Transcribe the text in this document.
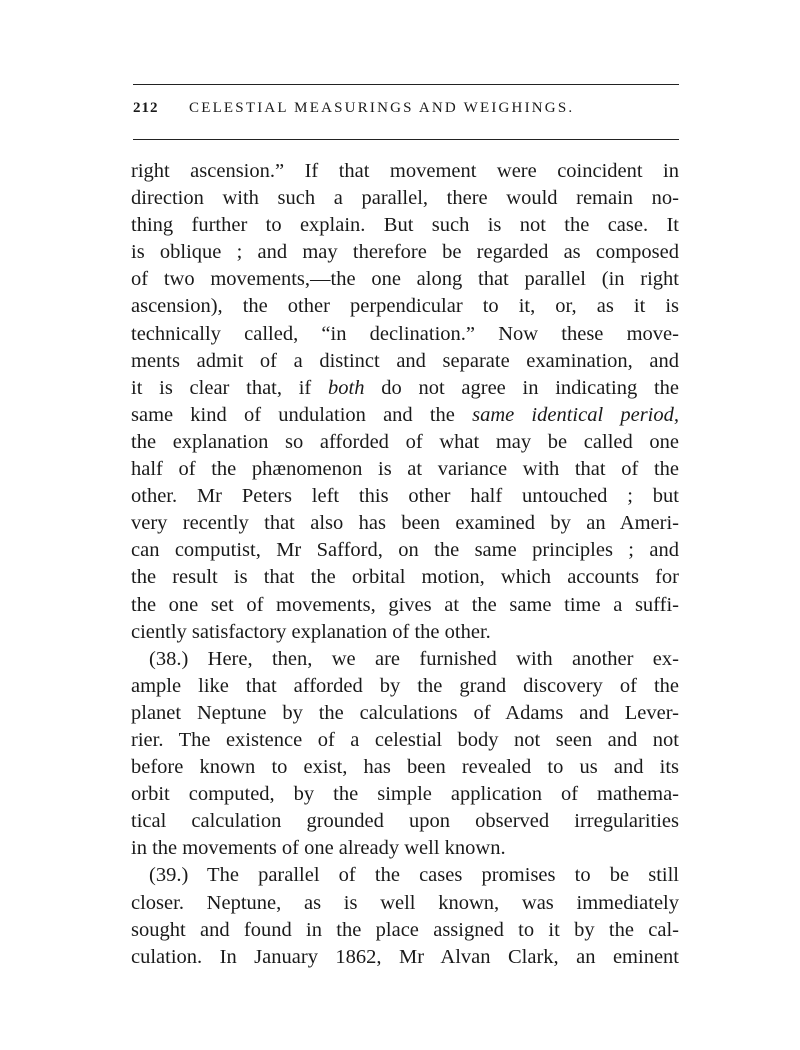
212 CELESTIAL MEASURINGS AND WEIGHINGS.
right ascension.” If that movement were coincident in
direction with such a parallel, there would remain no-
thing further to explain. But such is not the case. It
is oblique ; and may therefore be regarded as composed
of two movements,—the one along that parallel (in right
ascension), the other perpendicular to it, or, as it is
technically called, “in declination.” Now these move-
ments admit of a distinct and separate examination, and
it is clear that, if both do not agree in indicating the
same kind of undulation and the same identical period,
the explanation so afforded of what may be called one
half of the phænomenon is at variance with that of the
other. Mr Peters left this other half untouched ; but
very recently that also has been examined by an Ameri-
can computist, Mr Safford, on the same principles ; and
the result is that the orbital motion, which accounts for
the one set of movements, gives at the same time a suffi-
ciently satisfactory explanation of the other.
(38.) Here, then, we are furnished with another ex-
ample like that afforded by the grand discovery of the
planet Neptune by the calculations of Adams and Lever-
rier. The existence of a celestial body not seen and not
before known to exist, has been revealed to us and its
orbit computed, by the simple application of mathema-
tical calculation grounded upon observed irregularities
in the movements of one already well known.
(39.) The parallel of the cases promises to be still
closer. Neptune, as is well known, was immediately
sought and found in the place assigned to it by the cal-
culation. In January 1862, Mr Alvan Clark, an eminent
